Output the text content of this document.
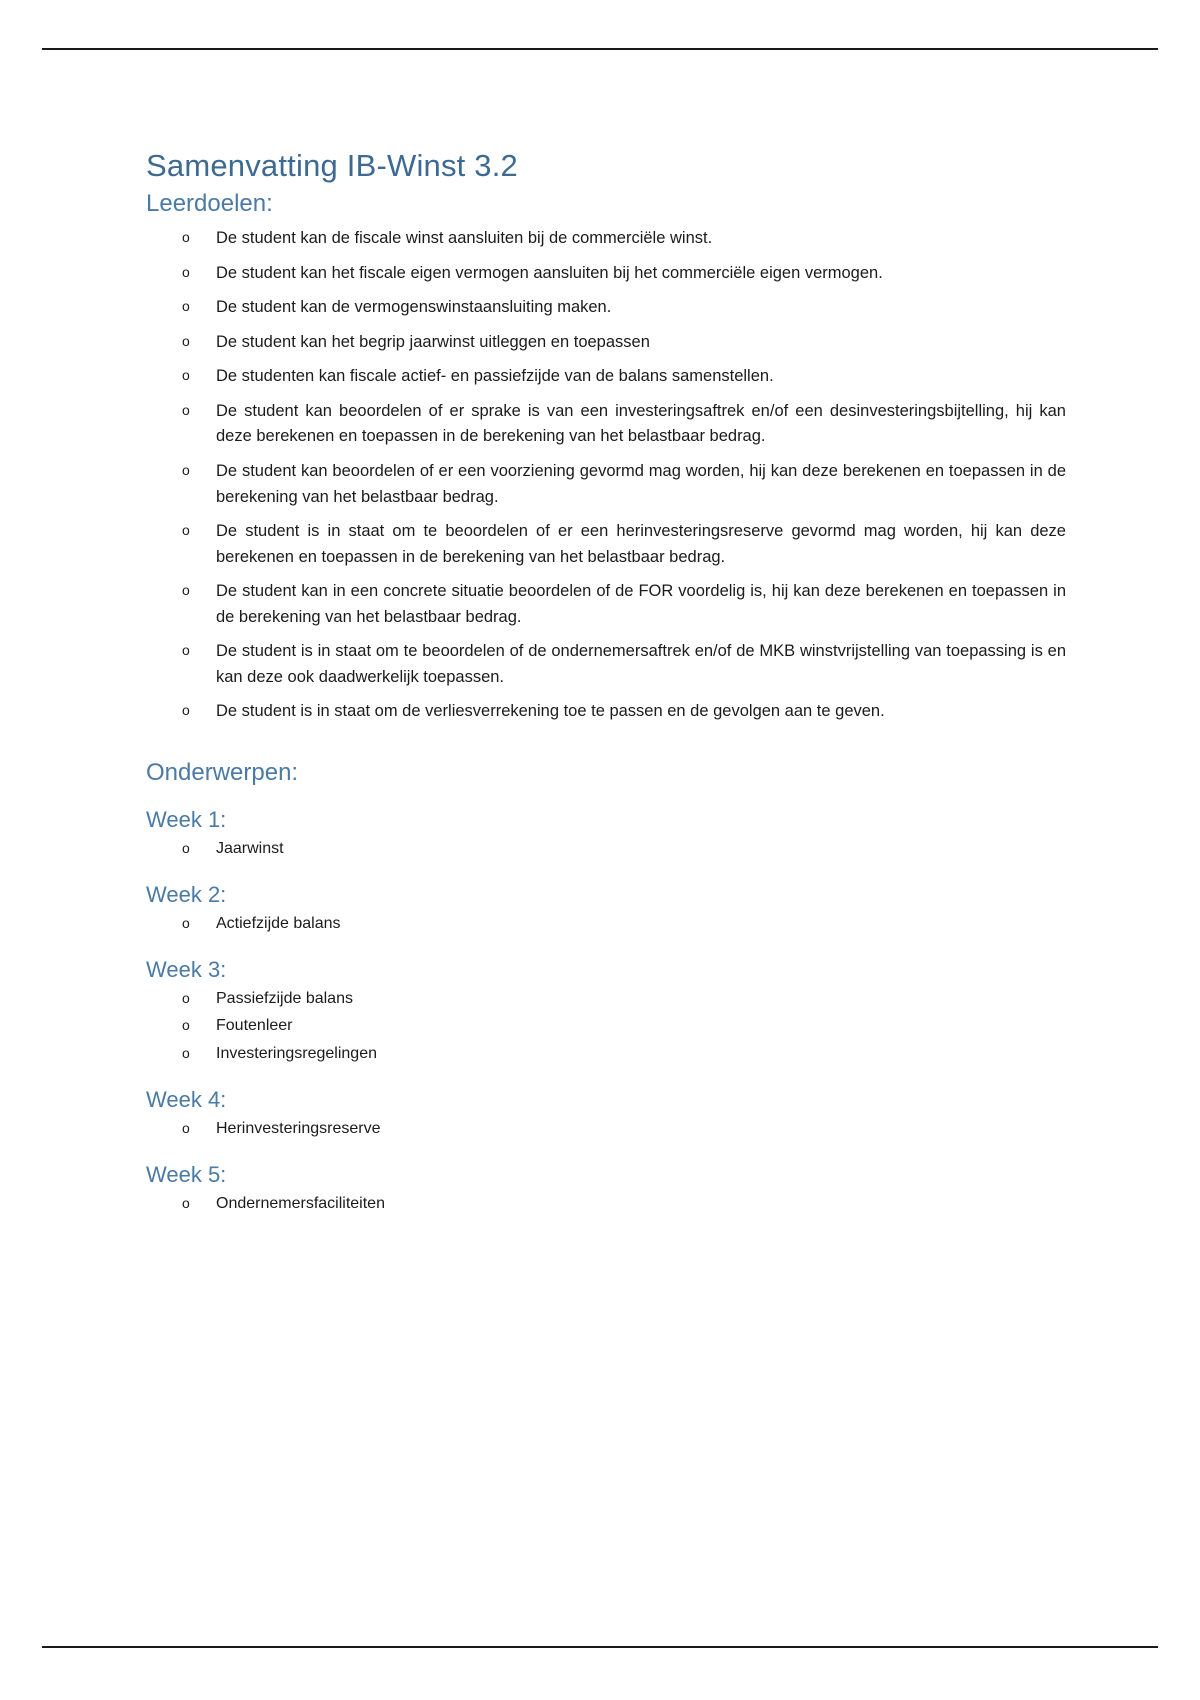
Samenvatting IB-Winst 3.2
Leerdoelen:
o De student kan de fiscale winst aansluiten bij de commerciële winst.
o De student kan het fiscale eigen vermogen aansluiten bij het commerciële eigen vermogen.
o De student kan de vermogenswinstaansluiting maken.
o De student kan het begrip jaarwinst uitleggen en toepassen
o De studenten kan fiscale actief- en passiefzijde van de balans samenstellen.
o De student kan beoordelen of er sprake is van een investeringsaftrek en/of een desinvesteringsbijtelling, hij kan deze berekenen en toepassen in de berekening van het belastbaar bedrag.
o De student kan beoordelen of er een voorziening gevormd mag worden, hij kan deze berekenen en toepassen in de berekening van het belastbaar bedrag.
o De student is in staat om te beoordelen of er een herinvesteringsreserve gevormd mag worden, hij kan deze berekenen en toepassen in de berekening van het belastbaar bedrag.
o De student kan in een concrete situatie beoordelen of de FOR voordelig is, hij kan deze berekenen en toepassen in de berekening van het belastbaar bedrag.
o De student is in staat om te beoordelen of de ondernemersaftrek en/of de MKB winstvrijstelling van toepassing is en kan deze ook daadwerkelijk toepassen.
o De student is in staat om de verliesverrekening toe te passen en de gevolgen aan te geven.
Onderwerpen:
Week 1:
o Jaarwinst
Week 2:
o Actiefzijde balans
Week 3:
o Passiefzijde balans
o Foutenleer
o Investeringsregelingen
Week 4:
o Herinvesteringsreserve
Week 5:
o Ondernemersfaciliteiten
